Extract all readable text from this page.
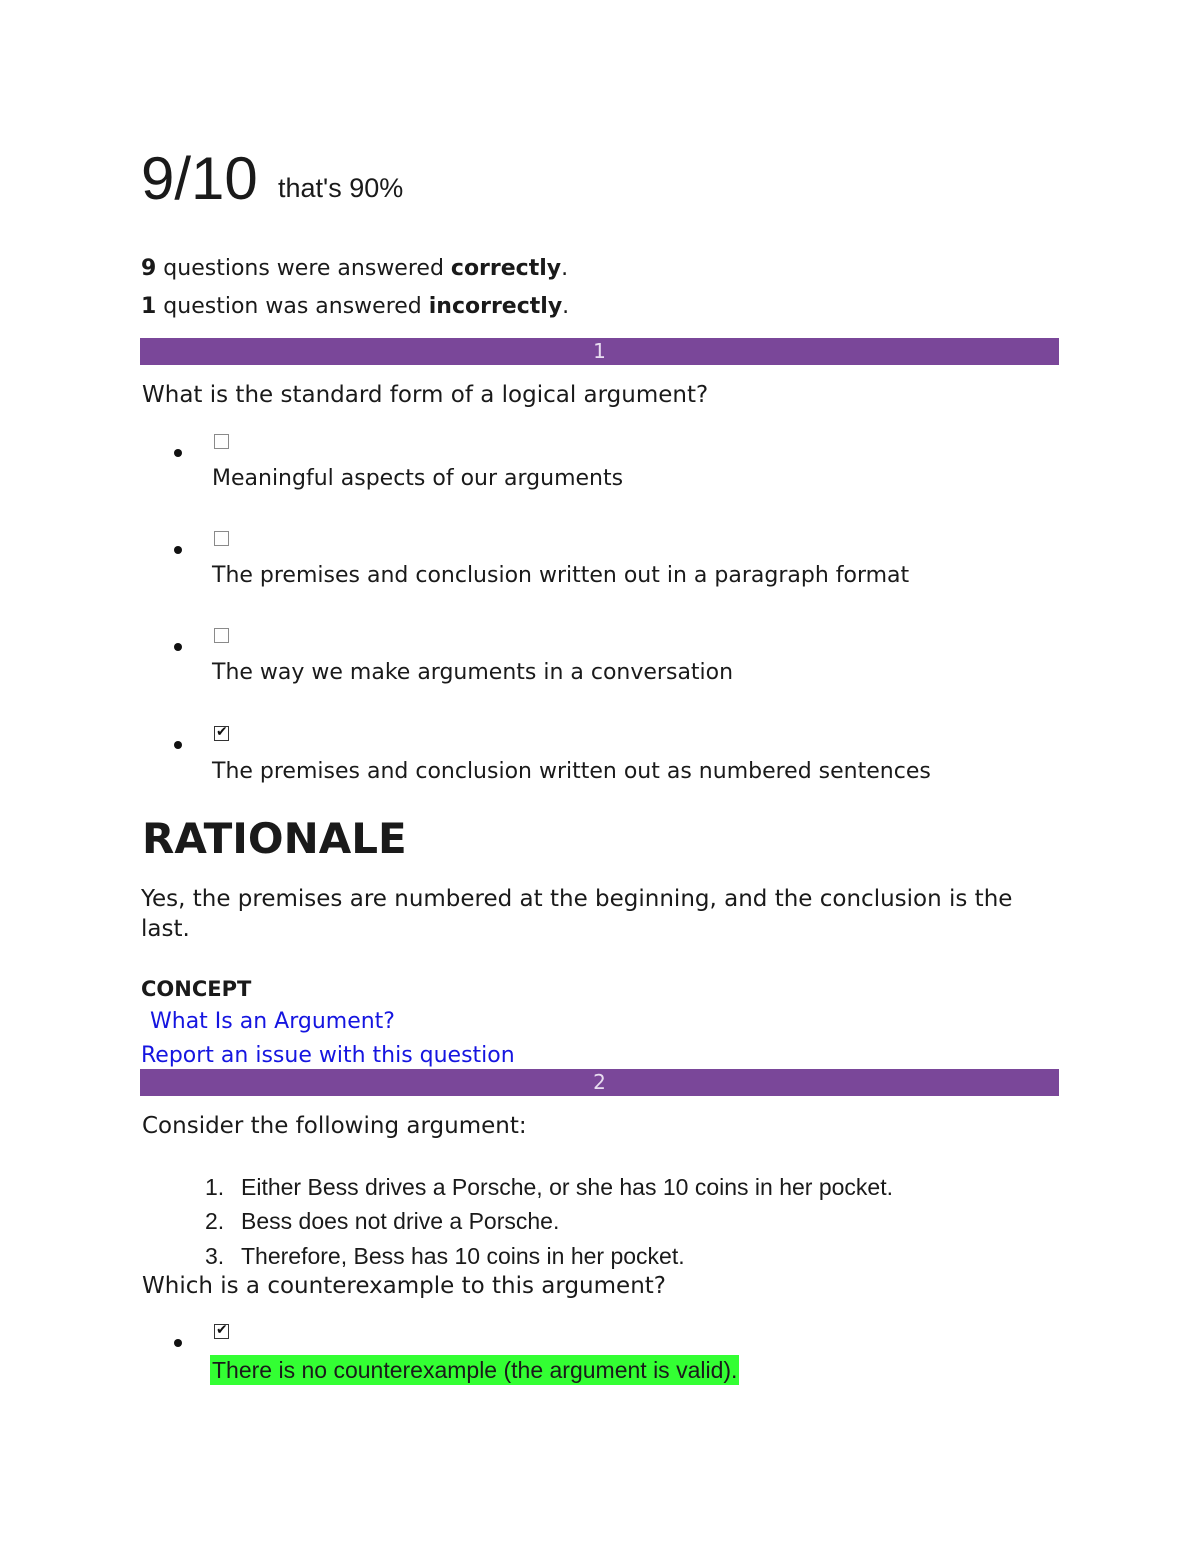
9/10 that's 90%
9 questions were answered correctly.
1 question was answered incorrectly.
1
What is the standard form of a logical argument?
Meaningful aspects of our arguments
The premises and conclusion written out in a paragraph format
The way we make arguments in a conversation
✔
The premises and conclusion written out as numbered sentences
RATIONALE
Yes, the premises are numbered at the beginning, and the conclusion is the last.
CONCEPT
What Is an Argument?
Report an issue with this question
2
Consider the following argument:
1. Either Bess drives a Porsche, or she has 10 coins in her pocket.
2. Bess does not drive a Porsche.
3. Therefore, Bess has 10 coins in her pocket.
Which is a counterexample to this argument?
✔
There is no counterexample (the argument is valid).
